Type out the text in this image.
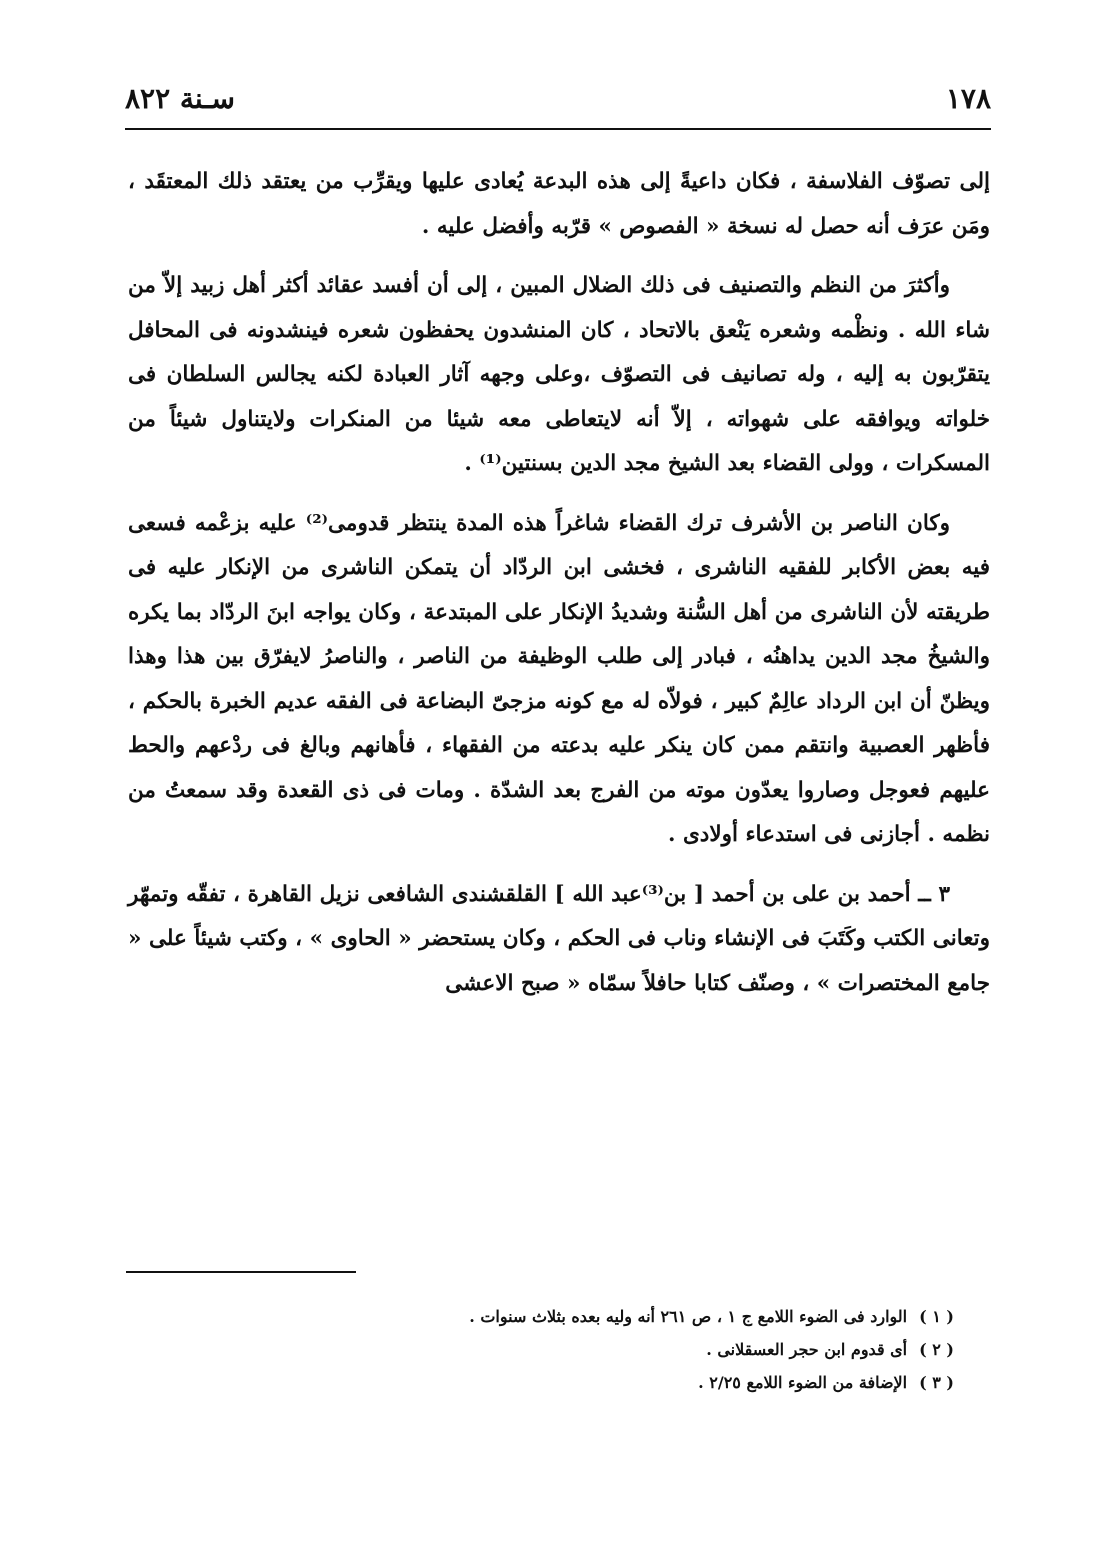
١٧٨
سـنة ٨٢٢

إلى تصوّف الفلاسفة ، فكان داعيةً إلى هذه البدعة يُعادى عليها ويقرِّب من يعتقد ذلك المعتقَد ، ومَن عرَف أنه حصل له نسخة « الفصوص » قرّبه وأفضل عليه .

وأكثرَ من النظم والتصنيف فى ذلك الضلال المبين ، إلى أن أفسد عقائد أكثر أهل زبيد إلاّ من شاء الله . ونظْمه وشعره يَنْعق بالاتحاد ، كان المنشدون يحفظون شعره فينشدونه فى المحافل يتقرّبون به إليه ، وله تصانيف فى التصوّف ،وعلى وجهه آثار العبادة لكنه يجالس السلطان فى خلواته ويوافقه على شهواته ، إلاّ أنه لايتعاطى معه شيئا من المنكرات ولايتناول شيئاً من المسكرات ، وولى القضاء بعد الشيخ مجد الدين بسنتين⁽¹⁾ .

وكان الناصر بن الأشرف ترك القضاء شاغراً هذه المدة ينتظر قدومى⁽²⁾ عليه بزعْمه فسعى فيه بعض الأكابر للفقيه الناشرى ، فخشى ابن الردّاد أن يتمكن الناشرى من الإنكار عليه فى طريقته لأن الناشرى من أهل السُّنة وشديدُ الإنكار على المبتدعة ، وكان يواجه ابنَ الردّاد بما يكره والشيخُ مجد الدين يداهنُه ، فبادر إلى طلب الوظيفة من الناصر ، والناصرُ لايفرّق بين هذا وهذا ويظنّ أن ابن الرداد عالِمٌ كبير ، فولاّه له مع كونه مزجىّ البضاعة فى الفقه عديم الخبرة بالحكم ، فأظهر العصبية وانتقم ممن كان ينكر عليه بدعته من الفقهاء ، فأهانهم وبالغ فى ردْعهم والحط عليهم فعوجل وصاروا يعدّون موته من الفرج بعد الشدّة . ومات فى ذى القعدة وقد سمعتُ من نظمه . أجازنى فى استدعاء أولادى .

٣ ــ أحمد بن على بن أحمد [ بن⁽³⁾عبد الله ] القلقشندى الشافعى نزيل القاهرة ، تفقّه وتمهّر وتعانى الكتب وكَتَبَ فى الإنشاء وناب فى الحكم ، وكان يستحضر « الحاوى » ، وكتب شيئاً على « جامع المختصرات » ، وصنّف كتابا حافلاً سمّاه « صبح الاعشى

( ١ )الوارد فى الضوء اللامع ج ١ ، ص ٢٦١ أنه وليه بعده بثلاث سنوات .
( ٢ )أى قدوم ابن حجر العسقلانى .
( ٣ )الإضافة من الضوء اللامع ٢/٢٥ .
